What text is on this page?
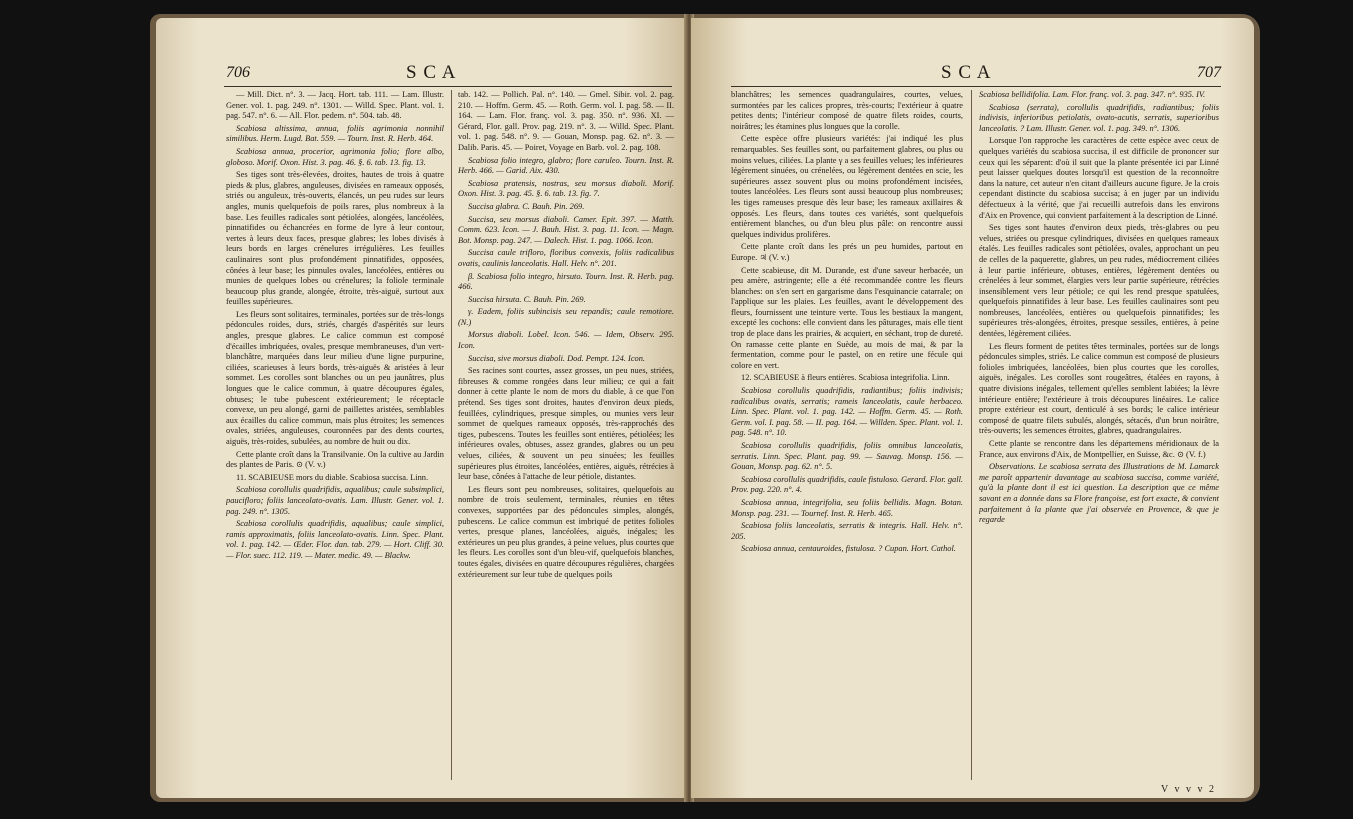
706	S C A

— Mill. Dict. n°. 3. — Jacq. Hort. tab. 111. — Lam. Illustr. Gener. vol. 1. pag. 249. n°. 1301. — Willd. Spec. Plant. vol. 1. pag. 547. n°. 6. — All. Flor. pedem. n°. 504. tab. 48.

Scabiosa altissima, annua, foliis agrimonia nonnihil similibus. Herm. Lugd. Bat. 559. — Tourn. Inst. R. Herb. 464.

Scabiosa annua, procerior, agrimonia folio; flore albo, globoso. Morif. Oxon. Hist. 3. pag. 46. §. 6. tab. 13. fig. 13.

Ses tiges sont très-élevées, droites, hautes de trois à quatre pieds & plus, glabres, anguleuses, divisées en rameaux opposés, striés ou anguleux, très-ouverts, élancés, un peu rudes sur leurs angles, munis quelquefois de poils rares, plus nombreux à la base. Les feuilles radicales sont pétiolées, alongées, lancéolées, pinnatifides ou échancrées en forme de lyre à leur contour, vertes à leurs deux faces, presque glabres; les lobes divisés à leurs bords en larges crénelures irrégulières. Les feuilles caulinaires sont plus profondément pinnatifides, opposées, cônées à leur base; les pinnules ovales, lancéolées, entières ou munies de quelques lobes ou crénelures; la foliole terminale beaucoup plus grande, alongée, étroite, très-aiguë, surtout aux feuilles supérieures.

Les fleurs sont solitaires, terminales, portées sur de très-longs pédoncules roides, durs, striés, chargés d'aspérités sur leurs angles, presque glabres. Le calice commun est composé d'écailles imbriquées, ovales, presque membraneuses, d'un vert-blanchâtre, marquées dans leur milieu d'une ligne purpurine, ciliées, scarieuses à leurs bords, très-aiguës & aristées à leur sommet. Les corolles sont blanches ou un peu jaunâtres, plus longues que le calice commun, à quatre découpures égales, obtuses; le tube pubescent extérieurement; le réceptacle convexe, un peu alongé, garni de paillettes aristées, semblables aux écailles du calice commun, mais plus étroites; les semences ovales, striées, anguleuses, couronnées par des dents courtes, aiguës, très-roides, subulées, au nombre de huit ou dix.

Cette plante croît dans la Transilvanie. On la cultive au Jardin des plantes de Paris. ⊙ (V. v.)

11. SCABIEUSE mors du diable. Scabiosa succisa. Linn.

Scabiosa corollulis quadrifidis, aqualibus; caule subsimplici, paucifloro; foliis lanceolato-ovatis. Lam. Illustr. Gener. vol. 1. pag. 249. n°. 1305.

Scabiosa corollulis quadrifidis, aqualibus; caule simplici, ramis approximatis, foliis lanceolato-ovatis. Linn. Spec. Plant. vol. 1. pag. 142. — Œder. Flor. dan. tab. 279. — Hort. Cliff. 30. — Flor. suec. 112. 119. — Mater. medic. 49. — Blackw.

tab. 142. — Pollich. Pal. n°. 140. — Gmel. Sibir. vol. 2. pag. 210. — Hoffm. Germ. 45. — Roth. Germ. vol. I. pag. 58. — II. 164. — Lam. Flor. franç. vol. 3. pag. 350. n°. 936. XI. — Gérard, Flor. gall. Prov. pag. 219. n°. 3. — Willd. Spec. Plant. vol. 1. pag. 548. n°. 9. — Gouan, Monsp. pag. 62. n°. 3. — Dalib. Paris. 45. — Poiret, Voyage en Barb. vol. 2. pag. 108.

Scabiosa folio integro, glabro; flore caruleo. Tourn. Inst. R. Herb. 466. — Garid. Aix. 430.

Scabiosa pratensis, nostras, seu morsus diaboli. Morif. Oxon. Hist. 3. pag. 45. §. 6. tab. 13. fig. 7.

Succisa glabra. C. Bauh. Pin. 269.

Succisa, seu morsus diaboli. Camer. Epit. 397. — Matth. Comm. 623. Icon. — J. Bauh. Hist. 3. pag. 11. Icon. — Magn. Bot. Monsp. pag. 247. — Dalech. Hist. 1. pag. 1066. Icon.

Succisa caule trifloro, floribus convexis, foliis radicalibus ovatis, caulinis lanceolatis. Hall. Helv. n°. 201.

β. Scabiosa folio integro, hirsuto. Tourn. Inst. R. Herb. pag. 466.

Succisa hirsuta. C. Bauh. Pin. 269.

γ. Eadem, foliis subincisis seu repandis; caule remotiore. (N.)

Morsus diaboli. Lobel. Icon. 546. — Idem, Observ. 295. Icon.

Succisa, sive morsus diaboli. Dod. Pempt. 124. Icon.

Ses racines sont courtes, assez grosses, un peu nues, striées, fibreuses & comme rongées dans leur milieu; ce qui a fait donner à cette plante le nom de mors du diable, à ce que l'on prétend. Ses tiges sont droites, hautes d'environ deux pieds, feuillées, cylindriques, presque simples, ou munies vers leur sommet de quelques rameaux opposés, très-rapprochés des tiges, pubescens. Toutes les feuilles sont entières, pétiolées; les inférieures ovales, obtuses, assez grandes, glabres ou un peu velues, ciliées, & souvent un peu sinuées; les feuilles supérieures plus étroites, lancéolées, entières, aiguës, rétrécies à leur base, cônées à l'attache de leur pétiole, distantes.

Les fleurs sont peu nombreuses, solitaires, quelquefois au nombre de trois seulement, terminales, réunies en têtes convexes, supportées par des pédoncules simples, alongés, pubescens. Le calice commun est imbriqué de petites folioles vertes, presque planes, lancéolées, aiguës, inégales; les extérieures un peu plus grandes, à peine velues, plus courtes que les fleurs. Les corolles sont d'un bleu-vif, quelquefois blanches, toutes égales, divisées en quatre découpures régulières, chargées extérieurement sur leur tube de quelques poils

S C A	707

blanchâtres; les semences quadrangulaires, courtes, velues, surmontées par les calices propres, très-courts; l'extérieur à quatre petites dents; l'intérieur composé de quatre filets roides, courts, noirâtres; les étamines plus longues que la corolle.

Cette espèce offre plusieurs variétés: j'ai indiqué les plus remarquables. Ses feuilles sont, ou parfaitement glabres, ou plus ou moins velues, ciliées. La plante γ a ses feuilles velues; les inférieures légèrement sinuées, ou crénelées, ou légèrement dentées en scie, les supérieures assez souvent plus ou moins profondément incisées, toutes lancéolées. Les fleurs sont aussi beaucoup plus nombreuses; les tiges rameuses presque dès leur base; les rameaux axillaires & opposés. Les fleurs, dans toutes ces variétés, sont quelquefois entièrement blanches, ou d'un bleu plus pâle: on rencontre aussi quelques individus prolifères.

Cette plante croît dans les prés un peu humides, partout en Europe. ♃ (V. v.)

Cette scabieuse, dit M. Durande, est d'une saveur herbacée, un peu amère, astringente; elle a été recommandée contre les fleurs blanches: on s'en sert en gargarisme dans l'esquinancie catarrale; on l'applique sur les plaies. Les feuilles, avant le développement des fleurs, fournissent une teinture verte. Tous les bestiaux la mangent, excepté les cochons: elle convient dans les pâturages, mais elle tient trop de place dans les prairies, & acquiert, en séchant, trop de dureté. On ramasse cette plante en Suède, au mois de mai, & par la fermentation, comme pour le pastel, on en retire une fécule qui colore en vert.

12. SCABIEUSE à fleurs entières. Scabiosa integrifolia. Linn.

Scabiosa corollulis quadrifidis, radiantibus; foliis indivisis; radicalibus ovatis, serratis; rameis lanceolatis, caule herbaceo. Linn. Spec. Plant. vol. 1. pag. 142. — Hoffm. Germ. 45. — Roth. Germ. vol. I. pag. 58. — II. pag. 164. — Willden. Spec. Plant. vol. 1. pag. 548. n°. 10.

Scabiosa corollulis quadrifidis, foliis omnibus lanceolatis, serratis. Linn. Spec. Plant. pag. 99. — Sauvag. Monsp. 156. — Gouan, Monsp. pag. 62. n°. 5.

Scabiosa corollulis quadrifidis, caule fistuloso. Gerard. Flor. gall. Prov. pag. 220. n°. 4.

Scabiosa annua, integrifolia, seu foliis bellidis. Magn. Botan. Monsp. pag. 231. — Tournef. Inst. R. Herb. 465.

Scabiosa foliis lanceolatis, serratis & integris. Hall. Helv. n°. 205.

Scabiosa annua, centauroides, fistulosa. ? Cupan. Hort. Cathol.

Scabiosa bellidifolia. Lam. Flor. franç. vol. 3. pag. 347. n°. 935. IV.

Scabiosa (serrata), corollulis quadrifidis, radiantibus; foliis indivisis, inferioribus petiolatis, ovato-acutis, serratis, superioribus lanceolatis. ? Lam. Illustr. Gener. vol. 1. pag. 349. n°. 1306.

Lorsque l'on rapproche les caractères de cette espèce avec ceux de quelques variétés du scabiosa succisa, il est difficile de prononcer sur ceux qui les séparent: d'où il suit que la plante présentée ici par Linné peut laisser quelques doutes lorsqu'il est question de la reconnoître dans la nature, cet auteur n'en citant d'ailleurs aucune figure. Je la crois cependant distincte du scabiosa succisa; à en juger par un individu défectueux à la vérité, que j'ai recueilli autrefois dans les environs d'Aix en Provence, qui convient parfaitement à la description de Linné.

Ses tiges sont hautes d'environ deux pieds, très-glabres ou peu velues, striées ou presque cylindriques, divisées en quelques rameaux étalés. Les feuilles radicales sont pétiolées, ovales, approchant un peu de celles de la paquerette, glabres, un peu rudes, médiocrement ciliées à leur partie inférieure, obtuses, entières, légèrement dentées ou crénelées à leur sommet, élargies vers leur partie supérieure, rétrécies insensiblement vers leur pétiole; ce qui les rend presque spatulées, quelquefois pinnatifides à leur base. Les feuilles caulinaires sont peu nombreuses, lancéolées, entières ou quelquefois pinnatifides; les supérieures très-alongées, étroites, presque sessiles, entières, à peine dentées, légèrement ciliées.

Les fleurs forment de petites têtes terminales, portées sur de longs pédoncules simples, striés. Le calice commun est composé de plusieurs folioles imbriquées, lancéolées, bien plus courtes que les corolles, aiguës, inégales. Les corolles sont rougeâtres, étalées en rayons, à quatre divisions inégales, tellement qu'elles semblent labiées; la lèvre intérieure entière; l'extérieure à trois découpures linéaires. Le calice propre extérieur est court, denticulé à ses bords; le calice intérieur composé de quatre filets subulés, alongés, sétacés, d'un brun noirâtre, très-ouverts; les semences étroites, glabres, quadrangulaires.

Cette plante se rencontre dans les départemens méridionaux de la France, aux environs d'Aix, de Montpellier, en Suisse, &c. ⊙ (V. f.)

Observations. Le scabiosa serrata des Illustrations de M. Lamarck me paroît appartenir davantage au scabiosa succisa, comme variété, qu'à la plante dont il est ici question. La description que ce même savant en a donnée dans sa Flore françoise, est fort exacte, & convient parfaitement à la plante que j'ai observée en Provence, & que je regarde

V v v v 2
